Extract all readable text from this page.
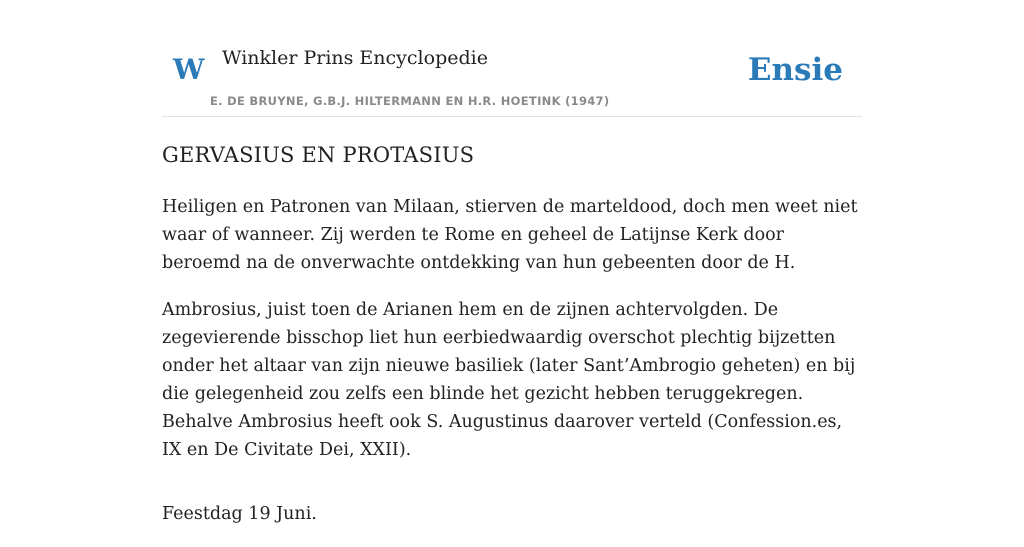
W Winkler Prins Encyclopedie
E. DE BRUYNE, G.B.J. HILTERMANN EN H.R. HOETINK (1947)
Ensie
GERVASIUS EN PROTASIUS

Heiligen en Patronen van Milaan, stierven de marteldood, doch men weet niet waar of wanneer. Zij werden te Rome en geheel de Latijnse Kerk door beroemd na de onverwachte ontdekking van hun gebeenten door de H.

Ambrosius, juist toen de Arianen hem en de zijnen achtervolgden. De zegevierende bisschop liet hun eerbiedwaardig overschot plechtig bijzetten onder het altaar van zijn nieuwe basiliek (later Sant’Ambrogio geheten) en bij die gelegenheid zou zelfs een blinde het gezicht hebben teruggekregen. Behalve Ambrosius heeft ook S. Augustinus daarover verteld (Confession.es, IX en De Civitate Dei, XXII).

Feestdag 19 Juni.
